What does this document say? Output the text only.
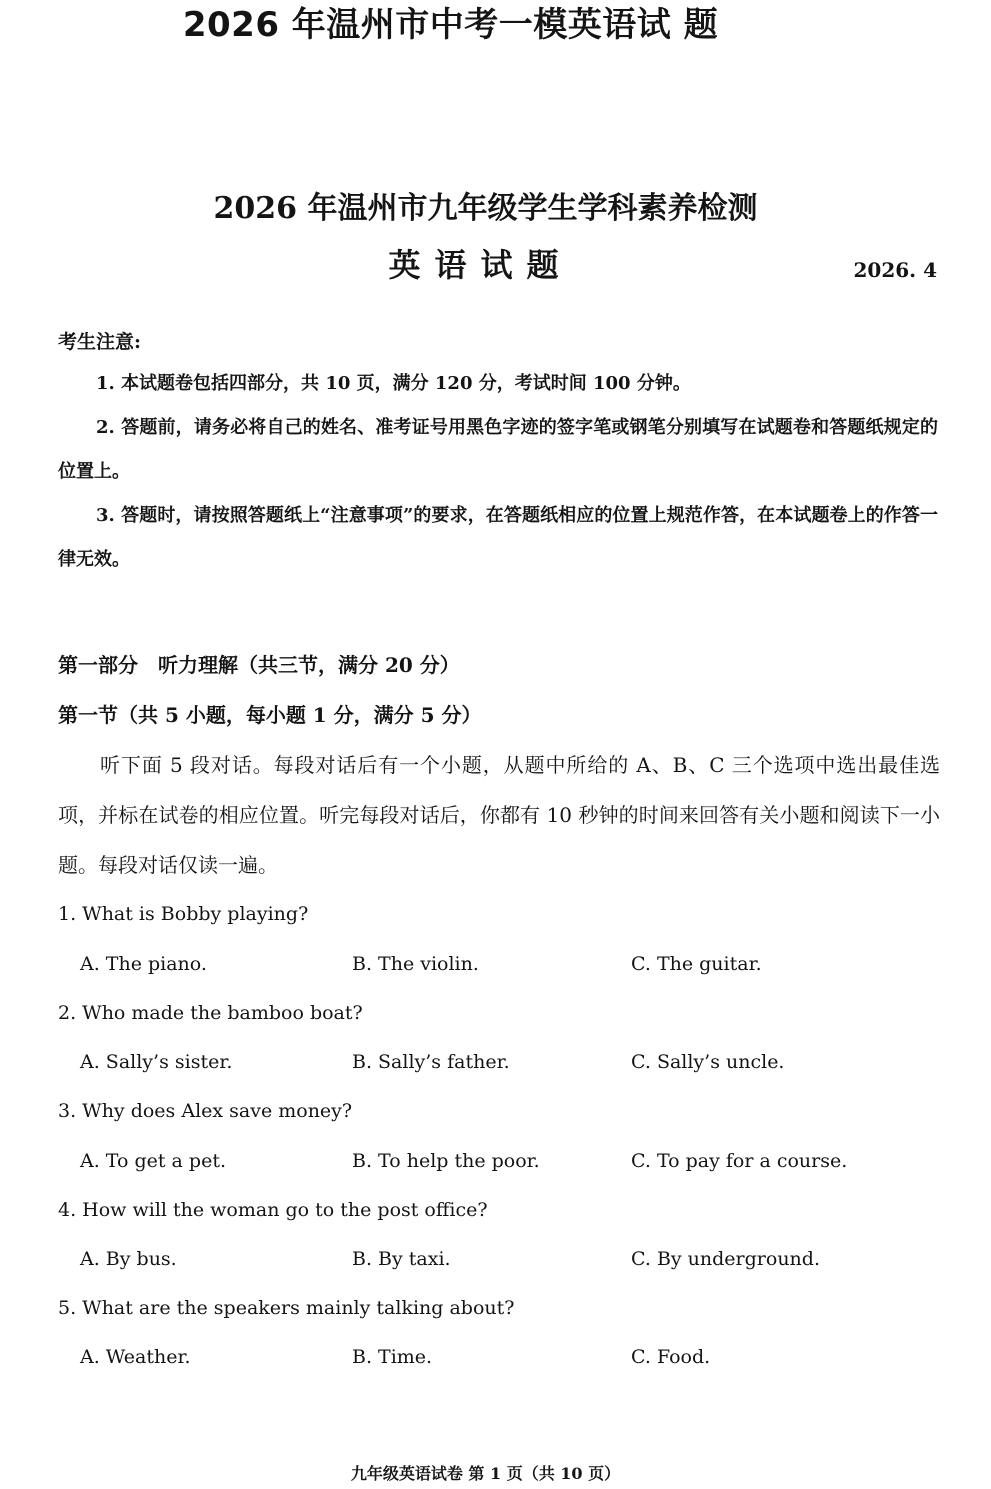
2026 年温州市中考一模英语试 题
2026 年温州市九年级学生学科素养检测
英语试题	2026. 4
考生注意:
1. 本试题卷包括四部分，共 10 页，满分 120 分，考试时间 100 分钟。
2. 答题前，请务必将自己的姓名、准考证号用黑色字迹的签字笔或钢笔分别填写在试题卷和答题纸规定的位置上。
3. 答题时，请按照答题纸上“注意事项”的要求，在答题纸相应的位置上规范作答，在本试题卷上的作答一律无效。
第一部分　听力理解（共三节，满分 20 分）
第一节（共 5 小题，每小题 1 分，满分 5 分）
听下面 5 段对话。每段对话后有一个小题，从题中所给的 A、B、C 三个选项中选出最佳选项，并标在试卷的相应位置。听完每段对话后，你都有 10 秒钟的时间来回答有关小题和阅读下一小题。每段对话仅读一遍。
1. What is Bobby playing?
A. The piano.	B. The violin.	C. The guitar.
2. Who made the bamboo boat?
A. Sally’s sister.	B. Sally’s father.	C. Sally’s uncle.
3. Why does Alex save money?
A. To get a pet.	B. To help the poor.	C. To pay for a course.
4. How will the woman go to the post office?
A. By bus.	B. By taxi.	C. By underground.
5. What are the speakers mainly talking about?
A. Weather.	B. Time.	C. Food.
九年级英语试卷 第 1 页（共 10 页）
